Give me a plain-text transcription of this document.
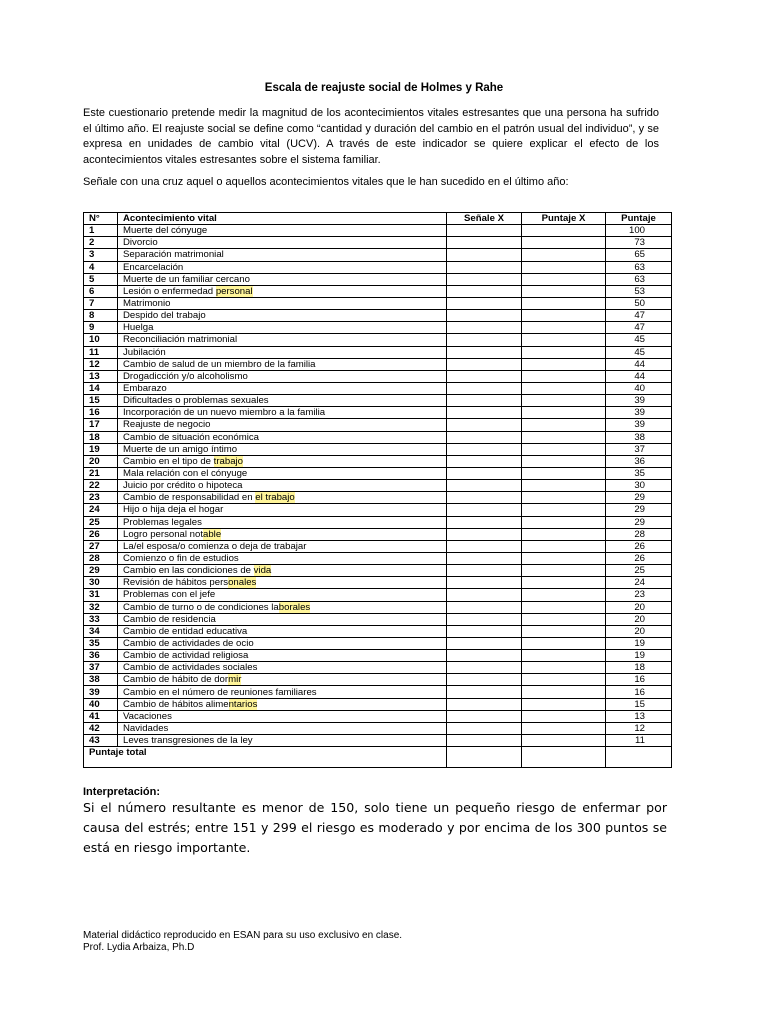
Escala de reajuste social de Holmes y Rahe
Este cuestionario pretende medir la magnitud de los acontecimientos vitales estresantes que una persona ha sufrido el último año. El reajuste social se define como “cantidad y duración del cambio en el patrón usual del individuo”, y se expresa en unidades de cambio vital (UCV). A través de este indicador se quiere explicar el efecto de los acontecimientos vitales estresantes sobre el sistema familiar.
Señale con una cruz aquel o aquellos acontecimientos vitales que le han sucedido en el último año:
N°	Acontecimiento vital	Señale X	Puntaje X	Puntaje
1	Muerte del cónyuge			100
2	Divorcio			73
3	Separación matrimonial			65
4	Encarcelación			63
5	Muerte de un familiar cercano			63
6	Lesión o enfermedad personal			53
7	Matrimonio			50
8	Despido del trabajo			47
9	Huelga			47
10	Reconciliación matrimonial			45
11	Jubilación			45
12	Cambio de salud de un miembro de la familia			44
13	Drogadicción y/o alcoholismo			44
14	Embarazo			40
15	Dificultades o problemas sexuales			39
16	Incorporación de un nuevo miembro a la familia			39
17	Reajuste de negocio			39
18	Cambio de situación económica			38
19	Muerte de un amigo íntimo			37
20	Cambio en el tipo de trabajo			36
21	Mala relación con el cónyuge			35
22	Juicio por crédito o hipoteca			30
23	Cambio de responsabilidad en el trabajo			29
24	Hijo o hija deja el hogar			29
25	Problemas legales			29
26	Logro personal notable			28
27	La/el esposa/o comienza o deja de trabajar			26
28	Comienzo o fin de estudios			26
29	Cambio en las condiciones de vida			25
30	Revisión de hábitos personales			24
31	Problemas con el jefe			23
32	Cambio de turno o de condiciones laborales			20
33	Cambio de residencia			20
34	Cambio de entidad educativa			20
35	Cambio de actividades de ocio			19
36	Cambio de actividad religiosa			19
37	Cambio de actividades sociales			18
38	Cambio de hábito de dormir			16
39	Cambio en el número de reuniones familiares			16
40	Cambio de hábitos alimentarios			15
41	Vacaciones			13
42	Navidades			12
43	Leves transgresiones de la ley			11
Puntaje total				
Interpretación:
Si el número resultante es menor de 150, solo tiene un pequeño riesgo de enfermar por causa del estrés; entre 151 y 299 el riesgo es moderado y por encima de los 300 puntos se está en riesgo importante.
Material didáctico reproducido en ESAN para su uso exclusivo en clase.
Prof. Lydia Arbaiza, Ph.D
